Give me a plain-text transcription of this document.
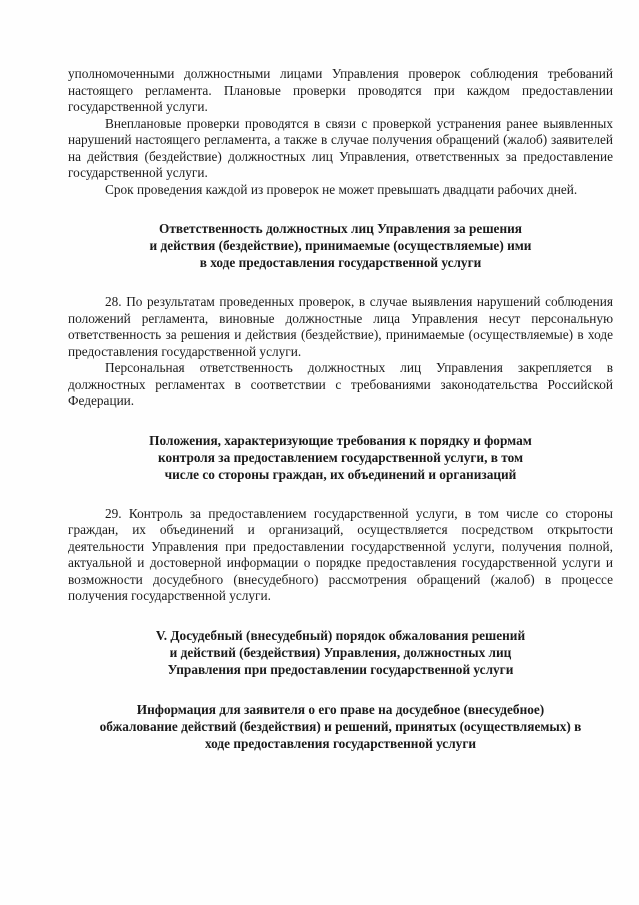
уполномоченными должностными лицами Управления проверок соблюдения требований настоящего регламента. Плановые проверки проводятся при каждом предоставлении государственной услуги.

Внеплановые проверки проводятся в связи с проверкой устранения ранее выявленных нарушений настоящего регламента, а также в случае получения обращений (жалоб) заявителей на действия (бездействие) должностных лиц Управления, ответственных за предоставление государственной услуги.

Срок проведения каждой из проверок не может превышать двадцати рабочих дней.

Ответственность должностных лиц Управления за решения
и действия (бездействие), принимаемые (осуществляемые) ими
в ходе предоставления государственной услуги

28. По результатам проведенных проверок, в случае выявления нарушений соблюдения положений регламента, виновные должностные лица Управления несут персональную ответственность за решения и действия (бездействие), принимаемые (осуществляемые) в ходе предоставления государственной услуги.

Персональная ответственность должностных лиц Управления закрепляется в должностных регламентах в соответствии с требованиями законодательства Российской Федерации.

Положения, характеризующие требования к порядку и формам
контроля за предоставлением государственной услуги, в том
числе со стороны граждан, их объединений и организаций

29. Контроль за предоставлением государственной услуги, в том числе со стороны граждан, их объединений и организаций, осуществляется посредством открытости деятельности Управления при предоставлении государственной услуги, получения полной, актуальной и достоверной информации о порядке предоставления государственной услуги и возможности досудебного (внесудебного) рассмотрения обращений (жалоб) в процессе получения государственной услуги.

V. Досудебный (внесудебный) порядок обжалования решений
и действий (бездействия) Управления, должностных лиц
Управления при предоставлении государственной услуги
Информация для заявителя о его праве на досудебное (внесудебное)
обжалование действий (бездействия) и решений, принятых (осуществляемых) в
ходе предоставления государственной услуги
